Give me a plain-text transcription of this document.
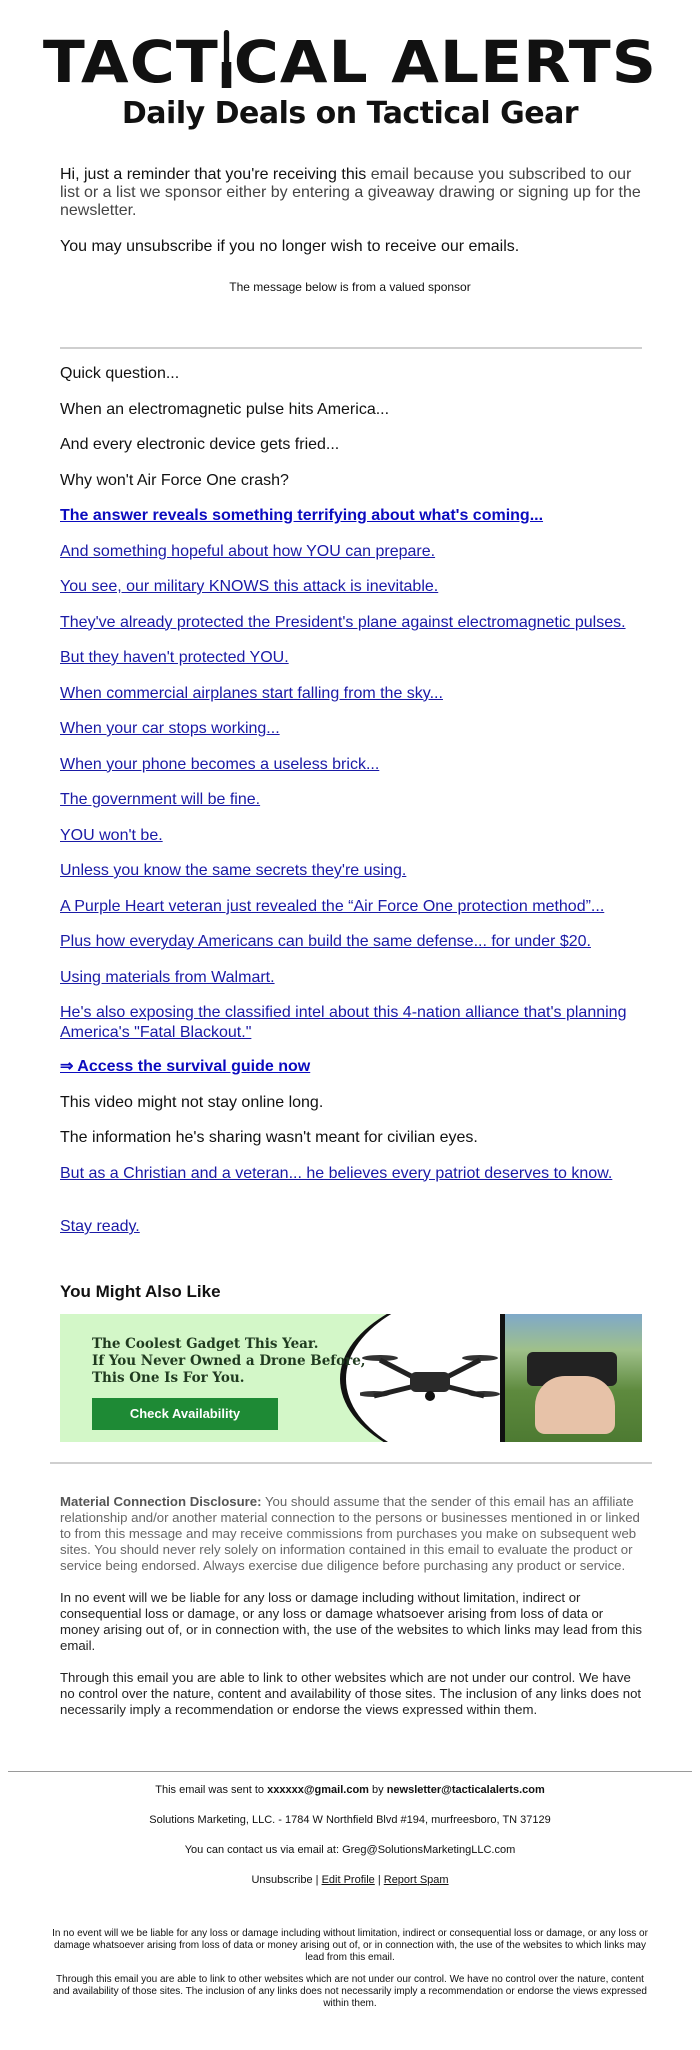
TACT CAL ALERTS
Daily Deals on Tactical Gear

Hi, just a reminder that you're receiving this email because you subscribed to our list or a list we sponsor either by entering a giveaway drawing or signing up for the newsletter.

You may unsubscribe if you no longer wish to receive our emails.

The message below is from a valued sponsor
Quick question...
When an electromagnetic pulse hits America...
And every electronic device gets fried...
Why won't Air Force One crash?
The answer reveals something terrifying about what's coming...
And something hopeful about how YOU can prepare.
You see, our military KNOWS this attack is inevitable.
They've already protected the President's plane against electromagnetic pulses.
But they haven't protected YOU.
When commercial airplanes start falling from the sky...
When your car stops working...
When your phone becomes a useless brick...
The government will be fine.
YOU won't be.
Unless you know the same secrets they're using.
A Purple Heart veteran just revealed the “Air Force One protection method”...
Plus how everyday Americans can build the same defense... for under $20.
Using materials from Walmart.
He's also exposing the classified intel about this 4-nation alliance that's planning America's "Fatal Blackout."
⇒ Access the survival guide now
This video might not stay online long.
The information he's sharing wasn't meant for civilian eyes.
But as a Christian and a veteran... he believes every patriot deserves to know.
Stay ready.
You Might Also Like
The Coolest Gadget This Year.
If You Never Owned a Drone Before,
This One Is For You.
Check Availability

Material Connection Disclosure: You should assume that the sender of this email has an affiliate relationship and/or another material connection to the persons or businesses mentioned in or linked to from this message and may receive commissions from purchases you make on subsequent web sites. You should never rely solely on information contained in this email to evaluate the product or service being endorsed. Always exercise due diligence before purchasing any product or service.

In no event will we be liable for any loss or damage including without limitation, indirect or consequential loss or damage, or any loss or damage whatsoever arising from loss of data or money arising out of, or in connection with, the use of the websites to which links may lead from this email.

Through this email you are able to link to other websites which are not under our control. We have no control over the nature, content and availability of those sites. The inclusion of any links does not necessarily imply a recommendation or endorse the views expressed within them.

This email was sent to xxxxxx@gmail.com by newsletter@tacticalalerts.com
Solutions Marketing, LLC. - 1784 W Northfield Blvd #194, murfreesboro, TN 37129
You can contact us via email at: Greg@SolutionsMarketingLLC.com
Unsubscribe | Edit Profile | Report Spam

In no event will we be liable for any loss or damage including without limitation, indirect or consequential loss or damage, or any loss or damage whatsoever arising from loss of data or money arising out of, or in connection with, the use of the websites to which links may lead from this email.

Through this email you are able to link to other websites which are not under our control. We have no control over the nature, content and availability of those sites. The inclusion of any links does not necessarily imply a recommendation or endorse the views expressed within them.
